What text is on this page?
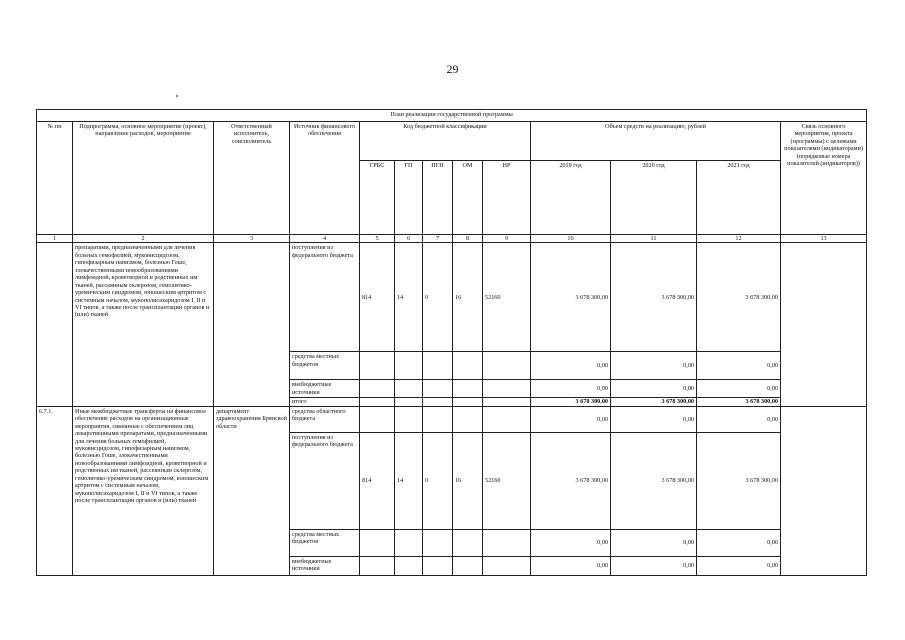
29
План реализации государственной программы												
№ пп	Подпрограмма, основное мероприятие (проект), направление расходов, мероприятие	Ответственный исполнитель, соисполнитель	Источник финансового обеспечения	Код бюджетной классификации					Объем средств на реализацию, рублей			Связь основного мероприятия, проекта (программы) с целевыми показателями (индикаторами) (порядковые номера показателей (индикаторов))
				ГРБС	ГП	ПГП	ОМ	НР	2019 год	2020 год	2021 год	
1	2	3	4	5	6	7	8	9	10	11	12	13
	препаратами, предназначенными для лечения больных гемофилией, муковисцидозом, гипофизарным нанизмом, болезнью Гоше, злокачественными новообразованиями лимфоидной, кроветворной и родственных им тканей, рассеянным склерозом, гемолитико-уремическим синдромом, юношеским артритом с системным началом, мукополисахаридозом I, II и VI типов, а также после трансплантации органов и (или) тканей		поступления из федерального бюджета	814	14	0	16	52160	3 678 300,00	3 678 300,00	3 678 300,00	
			средства местных бюджетов						0,00	0,00	0,00	
			внебюджетные источники						0,00	0,00	0,00	
			итого						3 678 300,00	3 678 300,00	3 678 300,00	
6.7.1.	Иные межбюджетные трансферты на финансовое обеспечение расходов на организационные мероприятия, связанные с обеспечением лиц лекарственными препаратами, предназначенными для лечения больных гемофилией, муковисцидозом, гипофизарным нанизмом, болезнью Гоше, злокачественными новообразованиями лимфоидной, кроветворной и родственных им тканей, рассеянным склерозом, гемолитико-уремическим синдромом, юношеским артритом с системным началом, мукополисахаридозом I, II и VI типов, а также после трансплантации органов и (или) тканей	департамент здравоохранения Брянской области	средства областного бюджета						0,00	0,00	0,00	
			поступления из федерального бюджета	814	14	0	16	52160	3 678 300,00	3 678 300,00	3 678 300,00	
			средства местных бюджетов						0,00	0,00	0,00	
			внебюджетные источники						0,00	0,00	0,00	
